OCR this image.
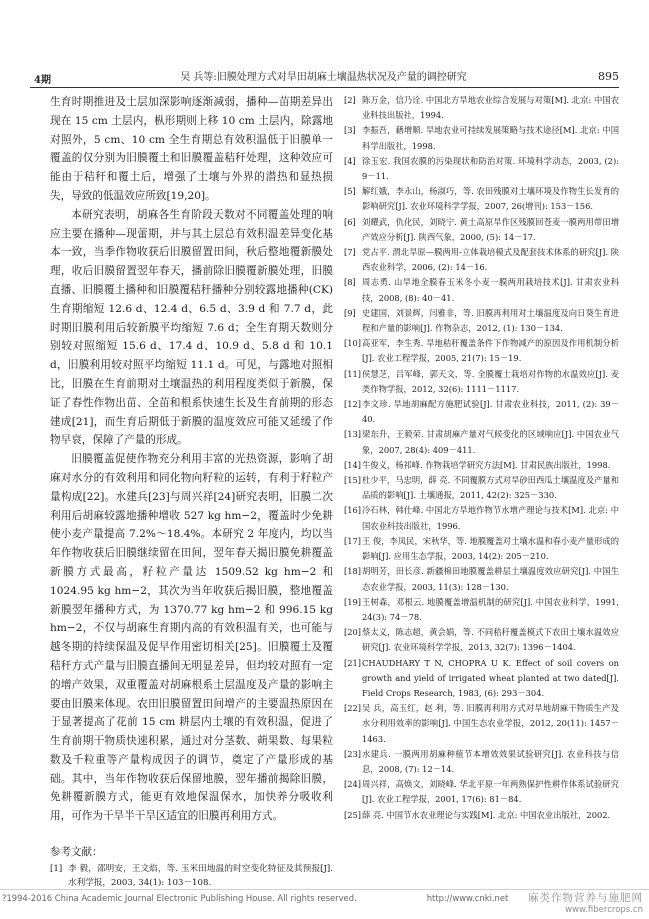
4期	吴 兵等:旧膜处理方式对旱田胡麻土壤温热状况及产量的调控研究	895

生育时期推进及土层加深影响逐渐减弱，播种—苗期差异出现在 15 cm 土层内，枞形期则上移 10 cm 土层内，除露地对照外，5 cm、10 cm 全生育期总有效积温低于旧膜单一覆盖的仅分别为旧膜覆土和旧膜覆盖秸秆处理，这种效应可能由于秸秆和覆土后，增强了土壤与外界的潜热和显热损失，导致的低温效应所致[19,20]。

本研究表明，胡麻各生育阶段天数对不同覆盖处理的响应主要在播种—现蕾期，并与其土层总有效积温差异变化基本一致，当季作物收获后旧膜留置田间，秋后整地覆新膜处理，收后旧膜留置翌年春天，播前除旧膜覆新膜处理，旧膜直播、旧膜覆土播种和旧膜覆秸秆播种分别较露地播种(CK)生育期缩短 12.6 d、12.4 d、6.5 d、3.9 d 和 7.7 d，此时期旧膜利用后较新膜平均缩短 7.6 d；全生育期天数则分别较对照缩短 15.6 d、17.4 d、10.9 d、5.8 d 和 10.1 d，旧膜利用较对照平均缩短 11.1 d。可见，与露地对照相比，旧膜在生育前期对土壤温热的利用程度类似于新膜，保证了春性作物出苗、全苗和根系快速生长及生育前期的形态建成[21]，而生育后期低于新膜的温度效应可能又延缓了作物早衰，保障了产量的形成。

旧膜覆盖促使作物充分利用丰富的光热资源，影响了胡麻对水分的有效利用和同化物向籽粒的运转，有利于籽粒产量构成[22]。水建兵[23]与周兴祥[24]研究表明，旧膜二次利用后胡麻较露地播种增收 527 kg hm−2，覆盖时少免耕使小麦产量提高 7.2%～18.4%。本研究 2 年度内，均以当年作物收获后旧膜继续留在田间，翌年春天揭旧膜免耕覆盖新膜方式最高，籽粒产量达 1509.52 kg hm−2 和 1024.95 kg hm−2，其次为当年收获后揭旧膜，整地覆盖新膜翌年播种方式，为 1370.77 kg hm−2 和 996.15 kg hm−2，不仅与胡麻生育期内高的有效积温有关，也可能与越冬期的持续保温及促早作用密切相关[25]。旧膜覆土及覆秸秆方式产量与旧膜直播间无明显差异，但均较对照有一定的增产效果，双重覆盖对胡麻根系土层温度及产量的影响主要由旧膜来体现。农田旧膜留置田间增产的主要温热原因在于显著提高了花前 15 cm 耕层内土壤的有效积温，促进了生育前期干物质快速积累，通过对分茎数、蒴果数、每果粒数及千粒重等产量构成因子的调节，奠定了产量形成的基础。其中，当年作物收获后保留地膜，翌年播前揭除旧膜，免耕覆新膜方式，能更有效地保温保水，加快养分吸收利用，可作为干旱半干旱区适宜的旧膜再利用方式。

参考文献：

[1] 李 毅，邵明安，王文焰，等. 玉米田地温的时空变化特征及其预报[J]. 水利学报，2003, 34(1): 103－108.
[2] 陈万金，信乃诠. 中国北方旱地农业综合发展与对策[M]. 北京: 中国农业科技出版社，1994.
[3] 李振吾，藉增顺. 旱地农业可持续发展策略与技术途径[M]. 北京: 中国科学出版社，1998.
[4] 徐玉宏. 我国农膜的污染现状和防治对策. 环境科学动态，2003, (2): 9－11.
[5] 解红娥，李永山，杨淑巧，等. 农田残膜对土壤环境及作物生长发育的影响研究[J]. 农业环境科学学报，2007, 26(增刊): 153－156.
[6] 刘耀武，仇化民，刘晓宁. 黄土高原旱作区残膜回苍麦一膜两用带田增产效应分析[J]. 陕西气象，2000, (5): 14－17.
[7] 党占平. 渭北旱原—膜两用-立体栽培模式及配套技术体系的研究[J]. 陕西农业科学，2006, (2): 14－16.
[8] 周志勇. 山旱地全膜春玉米冬小麦一膜两用栽培技术[J]. 甘肃农业科技，2008, (8): 40－41.
[9] 史建国，刘景辉，闫雅非，等. 旧膜再利用对土壤温度及向日葵生育进程和产量的影响[J]. 作物杂志，2012, (1): 130－134.
[10] 高亚军，李生秀. 旱地秸秆覆盖条件下作物减产的原因及作用机制分析[J]. 农业工程学报，2005, 21(7): 15－19.
[11] 侯慧芝，吕军峰，郭天文，等. 全膜覆土栽培对作物的水温效应[J]. 麦类作物学报，2012, 32(6): 1111－1117.
[12] 李文珍. 旱地胡麻配方施肥试验[J]. 甘肃农业科技，2011, (2): 39－40.
[13] 梁东升，王毅荣. 甘肃胡麻产量对气候变化的区域响应[J]. 中国农业气象，2007, 28(4): 409－411.
[14] 牛俊义，杨祁峰. 作物栽培学研究方法[M]. 甘肃民族出版社，1998.
[15] 杜少平，马忠明，薛 亮. 不同覆膜方式对旱砂田西瓜土壤温度及产量和品质的影响[J]. 土壤通报，2011, 42(2): 325－330.
[16] 冷石林，韩仕峰. 中国北方旱地作物节水增产理论与技术[M]. 北京: 中国农业科技出版社，1996.
[17] 王 俊，李凤民，宋秋华，等. 地膜覆盖对土壤水温和春小麦产量形成的影响[J]. 应用生态学报，2003, 14(2): 205－210.
[18] 胡明芳，田长彦. 新疆棉田地膜覆盖耕层土壤温度效应研究[J]. 中国生态农业学报，2003, 11(3): 128－130.
[19] 王树森，邓根云. 地膜覆盖增温机制的研究[J]. 中国农业科学，1991, 24(3): 74－78.
[20] 蔡太义，陈志超，黄会娟，等. 不同秸秆覆盖模式下农田土壤水温效应研究[J]. 农业环境科学学报，2013, 32(7): 1396－1404.
[21] CHAUDHARY T N, CHOPRA U K. Effect of soil covers on growth and yield of irrigated wheat planted at two dated[J]. Field Crops Research, 1983, (6): 293－304.
[22] 吴 兵，高玉红，赵 利，等. 旧膜再利用方式对旱地胡麻干物质生产及水分利用效率的影响[J]. 中国生态农业学报，2012, 20(11): 1457－1463.
[23] 水建兵. 一膜两用胡麻种植节本增效效果试验研究[J]. 农业科技与信息，2008, (7): 12－14.
[24] 周兴祥，高焕文，刘晓峰. 华北平原一年两熟保护性耕作体系试验研究[J]. 农业工程学报，2001, 17(6): 81－84.
[25] 薛 亮. 中国节水农业理论与实践[M]. 北京: 中国农业出版社，2002.
?1994-2016 China Academic Journal Electronic Publishing House. All rights reserved.	http://www.cnki.net 麻类作物营养与施肥网
www.fibercrops.cn
